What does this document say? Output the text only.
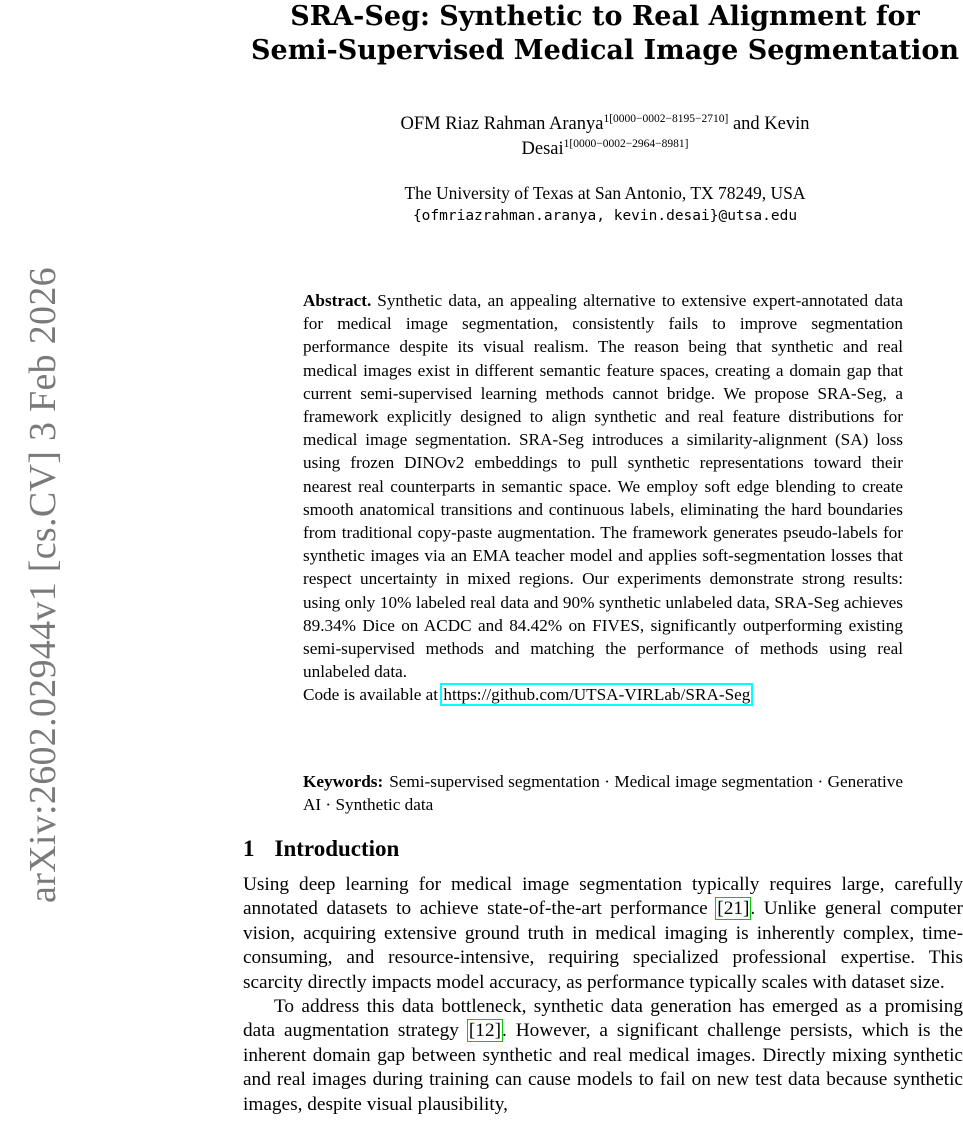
arXiv:2602.02944v1 [cs.CV] 3 Feb 2026
SRA-Seg: Synthetic to Real Alignment for
Semi-Supervised Medical Image Segmentation
OFM Riaz Rahman Aranya$^{1[0000-0002-8195-2710]}$ and Kevin
Desai$^{1[0000-0002-2964-8981]}$
The University of Texas at San Antonio, TX 78249, USA
{ofmriazrahman.aranya, kevin.desai}@utsa.edu

Abstract. Synthetic data, an appealing alternative to extensive expert-annotated data for medical image segmentation, consistently fails to improve segmentation performance despite its visual realism. The reason being that synthetic and real medical images exist in different semantic feature spaces, creating a domain gap that current semi-supervised learning methods cannot bridge. We propose SRA-Seg, a framework explicitly designed to align synthetic and real feature distributions for medical image segmentation. SRA-Seg introduces a similarity-alignment (SA) loss using frozen DINOv2 embeddings to pull synthetic representations toward their nearest real counterparts in semantic space. We employ soft edge blending to create smooth anatomical transitions and continuous labels, eliminating the hard boundaries from traditional copy-paste augmentation. The framework generates pseudo-labels for synthetic images via an EMA teacher model and applies soft-segmentation losses that respect uncertainty in mixed regions. Our experiments demonstrate strong results: using only 10% labeled real data and 90% synthetic unlabeled data, SRA-Seg achieves 89.34% Dice on ACDC and 84.42% on FIVES, significantly outperforming existing semi-supervised methods and matching the performance of methods using real unlabeled data.

Code is available at https://github.com/UTSA-VIRLab/SRA-Seg

Keywords: Semi-supervised segmentation · Medical image segmentation · Generative AI · Synthetic data
1 Introduction

Using deep learning for medical image segmentation typically requires large, carefully annotated datasets to achieve state-of-the-art performance [21]. Unlike general computer vision, acquiring extensive ground truth in medical imaging is inherently complex, time-consuming, and resource-intensive, requiring specialized professional expertise. This scarcity directly impacts model accuracy, as performance typically scales with dataset size.

To address this data bottleneck, synthetic data generation has emerged as a promising data augmentation strategy [12]. However, a significant challenge persists, which is the inherent domain gap between synthetic and real medical images. Directly mixing synthetic and real images during training can cause models to fail on new test data because synthetic images, despite visual plausibility,
